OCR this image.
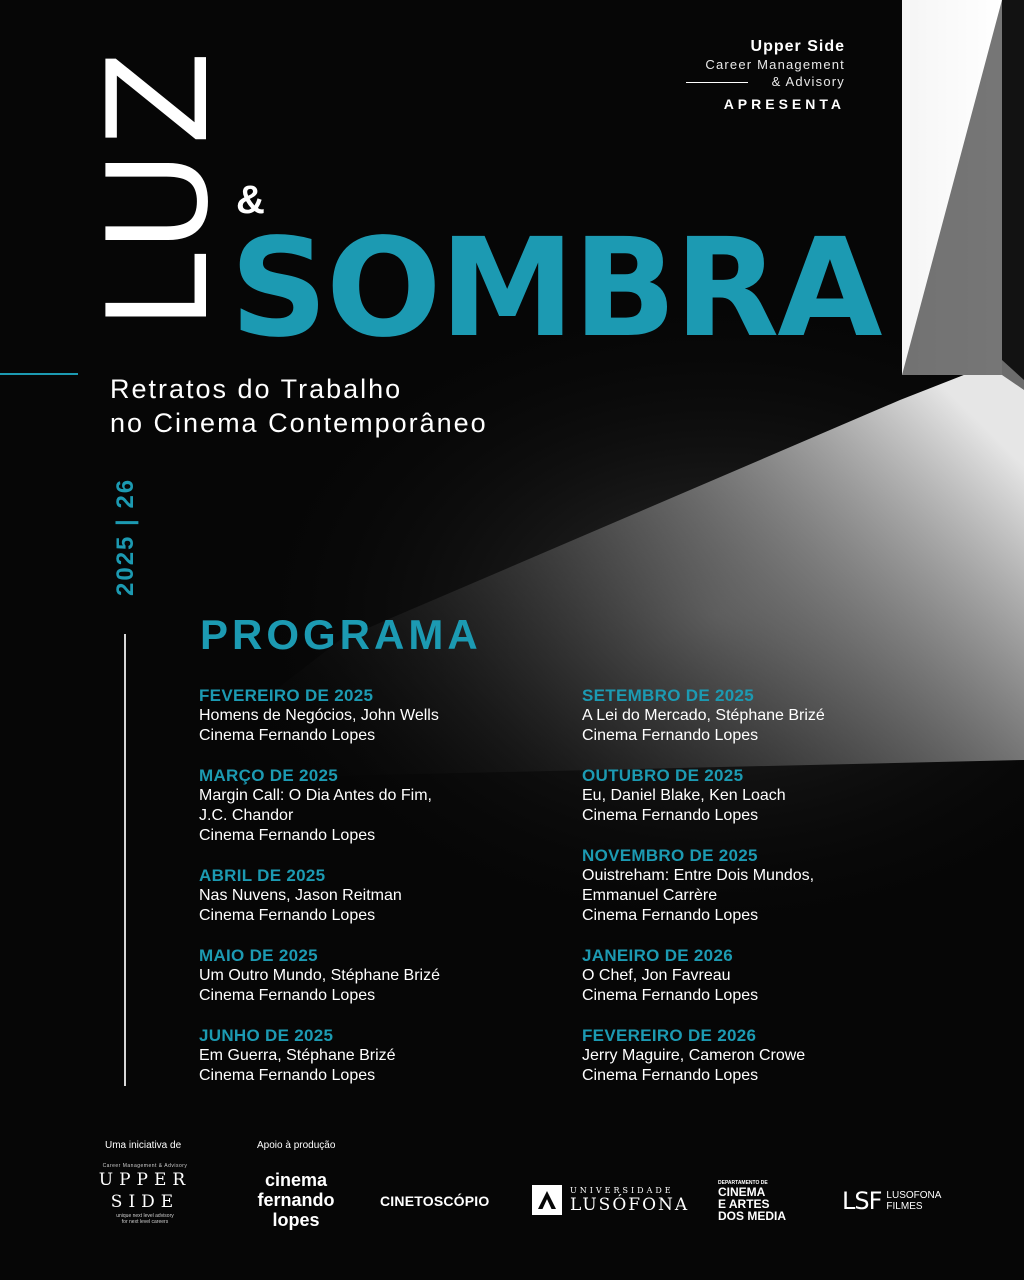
Upper Side
Career Management
& Advisory
APRESENTA
LUZ
&
SOMBRA
Retratos do Trabalho
no Cinema Contemporâneo
2025 | 26
PROGRAMA
FEVEREIRO DE 2025
Homens de Negócios, John Wells
Cinema Fernando Lopes
MARÇO DE 2025
Margin Call: O Dia Antes do Fim,
J.C. Chandor
Cinema Fernando Lopes
ABRIL DE 2025
Nas Nuvens, Jason Reitman
Cinema Fernando Lopes
MAIO DE 2025
Um Outro Mundo, Stéphane Brizé
Cinema Fernando Lopes
JUNHO DE 2025
Em Guerra, Stéphane Brizé
Cinema Fernando Lopes
SETEMBRO DE 2025
A Lei do Mercado, Stéphane Brizé
Cinema Fernando Lopes
OUTUBRO DE 2025
Eu, Daniel Blake, Ken Loach
Cinema Fernando Lopes
NOVEMBRO DE 2025
Ouistreham: Entre Dois Mundos,
Emmanuel Carrère
Cinema Fernando Lopes
JANEIRO DE 2026
O Chef, Jon Favreau
Cinema Fernando Lopes
FEVEREIRO DE 2026
Jerry Maguire, Cameron Crowe
Cinema Fernando Lopes
Uma iniciativa de	Apoio à produção
Career Management & Advisory
UPPER
SIDE
unique next level advisory
for next level careers
cinema
fernando
lopes
CINETOSCÓPIO
UNIVERSIDADE
LUSÓFONA
DEPARTAMENTO DE
CINEMA
E ARTES
DOS MEDIA
LSF LUSOFONA
FILMES
